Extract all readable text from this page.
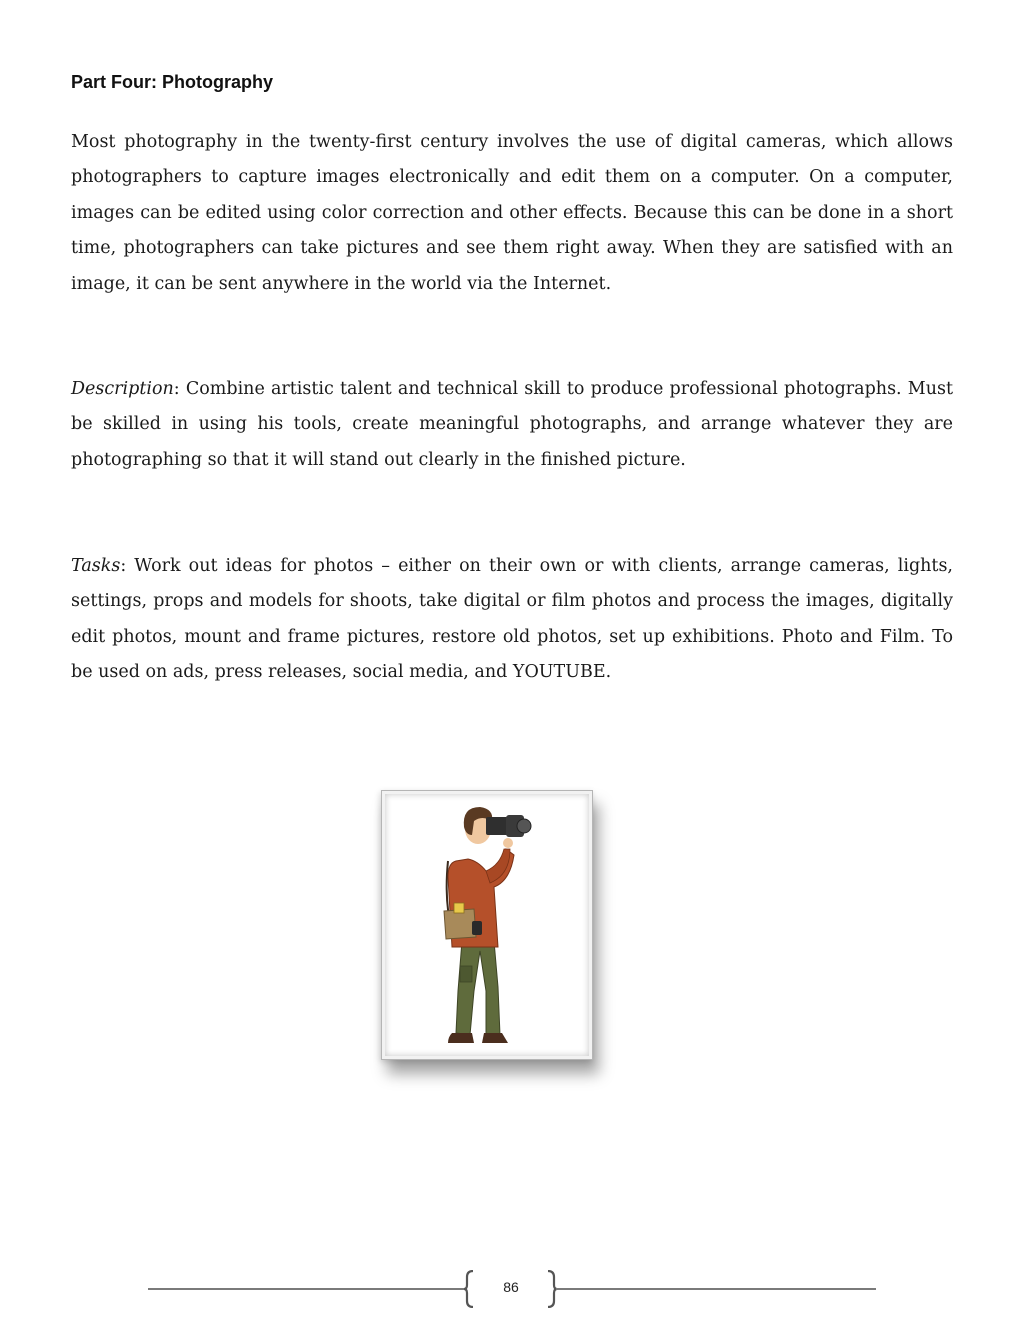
Part Four: Photography

Most photography in the twenty-first century involves the use of digital cameras, which allows photographers to capture images electronically and edit them on a computer. On a computer, images can be edited using color correction and other effects. Because this can be done in a short time, photographers can take pictures and see them right away. When they are satisfied with an image, it can be sent anywhere in the world via the Internet.

Description: Combine artistic talent and technical skill to produce professional photographs. Must be skilled in using his tools, create meaningful photographs, and arrange whatever they are photographing so that it will stand out clearly in the finished picture.

Tasks: Work out ideas for photos – either on their own or with clients, arrange cameras, lights, settings, props and models for shoots, take digital or film photos and process the images, digitally edit photos, mount and frame pictures, restore old photos, set up exhibitions. Photo and Film. To be used on ads, press releases, social media, and YOUTUBE.

86
